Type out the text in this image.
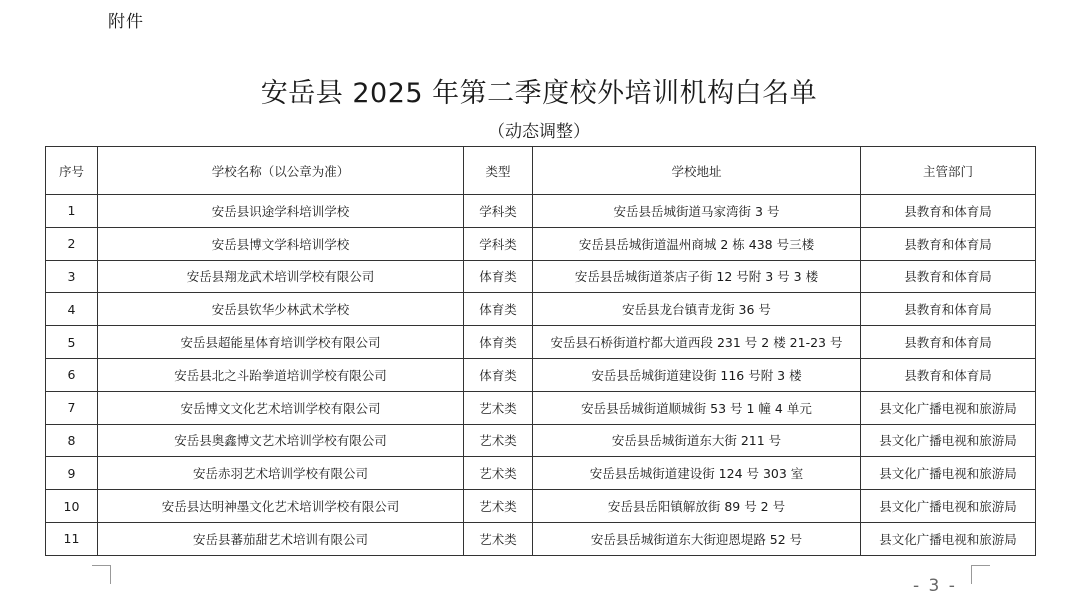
附件
安岳县 2025 年第二季度校外培训机构白名单
（动态调整）
序号	学校名称（以公章为准）	类型	学校地址	主管部门
1	安岳县识途学科培训学校	学科类	安岳县岳城街道马家湾街 3 号	县教育和体育局
2	安岳县博文学科培训学校	学科类	安岳县岳城街道温州商城 2 栋 438 号三楼	县教育和体育局
3	安岳县翔龙武术培训学校有限公司	体育类	安岳县岳城街道茶店子街 12 号附 3 号 3 楼	县教育和体育局
4	安岳县钦华少林武术学校	体育类	安岳县龙台镇青龙街 36 号	县教育和体育局
5	安岳县超能星体育培训学校有限公司	体育类	安岳县石桥街道柠都大道西段 231 号 2 楼 21-23 号	县教育和体育局
6	安岳县北之斗跆拳道培训学校有限公司	体育类	安岳县岳城街道建设街 116 号附 3 楼	县教育和体育局
7	安岳博文文化艺术培训学校有限公司	艺术类	安岳县岳城街道顺城街 53 号 1 幢 4 单元	县文化广播电视和旅游局
8	安岳县奥鑫博文艺术培训学校有限公司	艺术类	安岳县岳城街道东大街 211 号	县文化广播电视和旅游局
9	安岳赤羽艺术培训学校有限公司	艺术类	安岳县岳城街道建设街 124 号 303 室	县文化广播电视和旅游局
10	安岳县达明神墨文化艺术培训学校有限公司	艺术类	安岳县岳阳镇解放街 89 号 2 号	县文化广播电视和旅游局
11	安岳县蕃茄甜艺术培训有限公司	艺术类	安岳县岳城街道东大街迎恩堤路 52 号	县文化广播电视和旅游局
- 3 -
